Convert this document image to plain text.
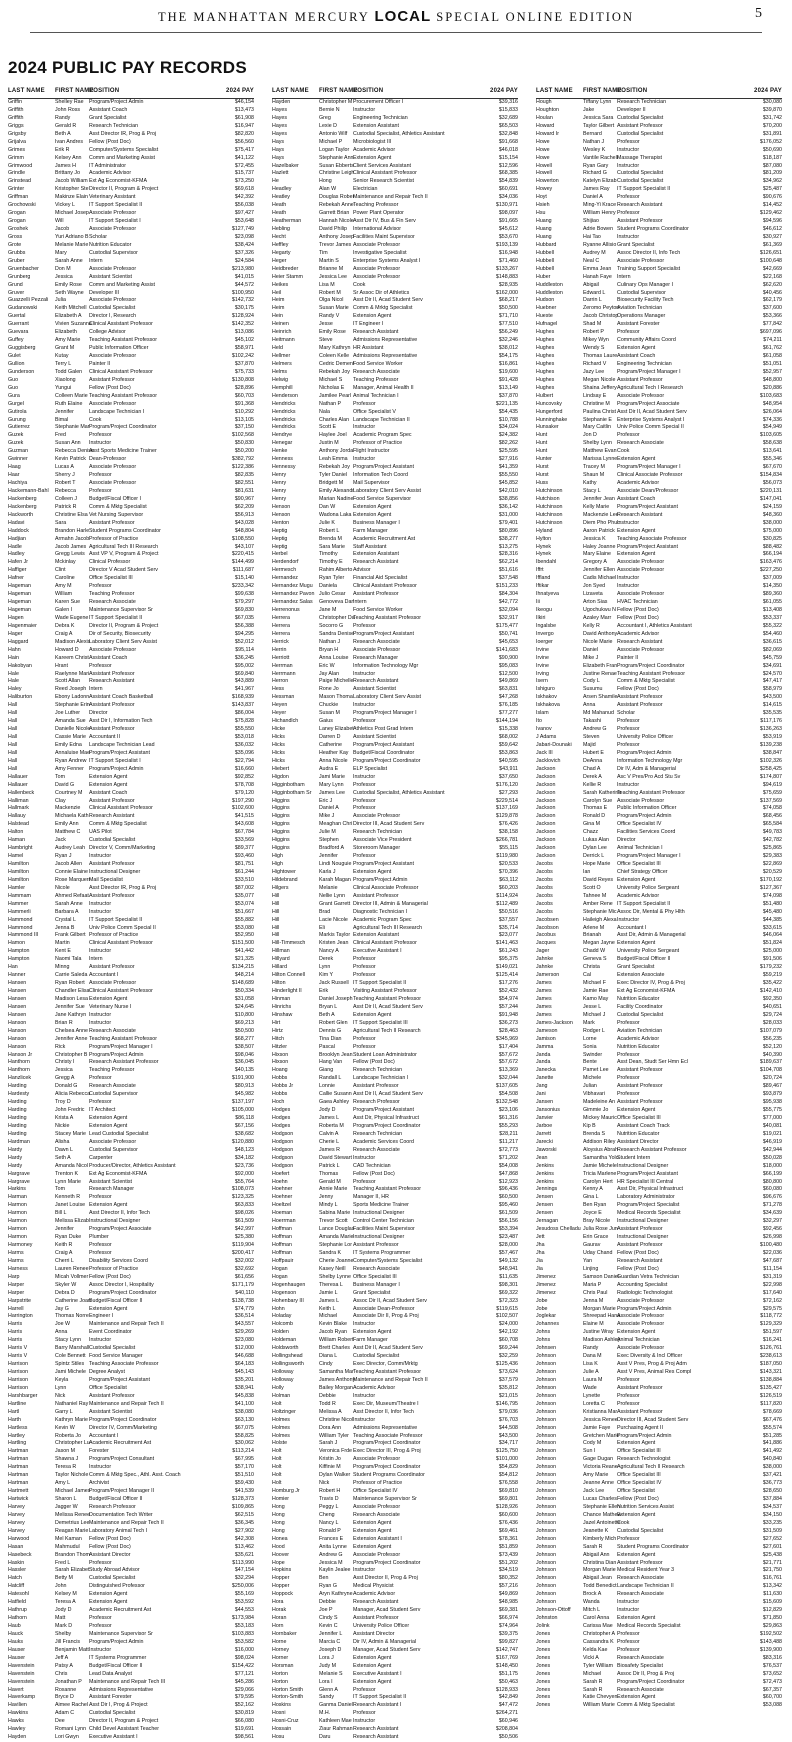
THE MANHATTAN MERCURY LOCAL SPECIAL ONLINE EDITION	5
2024 PUBLIC PAY RECORDS
LAST NAME	FIRST NAME
POSITION	2024 PAY
Griffin	Shelley Rae	Program/Project Admin	$46,154
Griffith	John Ross	Assistant Coach	$13,473
Griffith	Randy	Grant Specialist	$61,908
Griggs	Gerald R	Research Technician	$16,947
Grigsby	Beth A	Asst Director IR, Prog & Proj	$82,820
Grijalva	Ivan Andres	Fellow (Post Doc)	$56,560
Grimes	Erik R	Computer/Systems Specialist	$75,417
Grimm	Kelsey Ann	Comm and Marketing Assist	$41,122
Grimwood	James H	IT Administrator	$72,455
Grindle	Brittany Jo	Academic Advisor	$15,737
Grinstead	Jacob William Ext Ag Economist-KFMA	$73,250
Grinter	Kristopher Ste Director II, Program & Project	$69,618
Griffman	Makinze Elain Veterinary Assistant	$42,392
Grochowski	Vickey L	IT Support Specialist II	$56,038
Grogan	Michael Josep Associate Professor	$97,427
Grogan	Will	IT Support Specialist I	$53,648
Groshek	Jacob	Associate Professor	$127,749
Gross	Yuri Adriano B Scholar	$23,098
Grote	Melanie Marie Nutrition Educator	$38,424
Grubbs	Mary	Custodial Supervisor	$37,326
Gruber	Sarah Anne	Intern	$24,584
Gruenbacher	Don M	Associate Professor	$213,980
Grunberg	Jessica	Assistant Scientist	$41,015
Grund	Emily Rose	Comm and Marketing Assist	$44,572
Gruver	Seth Wayne	Developer III	$100,950
Guazzelli Pezzali	Julia	Associate Professor	$142,732
Gudanowski	Keith Mitchell Custodial Specialist	$30,175
Guertal	Elizabeth A	Director I, Research	$128,924
Guerrant	Vivien Suzanna
Clinical Assistant Professor	$142,352
Guevara	Elizabeth	College Advisor	$13,086
Guffey	Amy Marie	Teaching Assistant Professor	$45,102
Guggisberg	Grant M	Public Information Officer	$58,971
Gulet	Kutay	Associate Professor	$102,242
Gullion	Terry L	Painter II	$37,870
Gunderson	Todd Galen	Clinical Assistant Professor	$75,733
Guo	Xiaolong	Assistant Professor	$130,808
Guo	Yungui	Fellow (Post Doc)	$28,896
Gura	Colleen Marie Teaching Assistant Professor	$60,703
Gurgel	Ruth Elaine	Associate Professor	$91,368
Gutirola	Jennifer	Landscape Technician I	$10,292
Gurung	Bimal	Cook	$13,105
Gutierrez	Stephanie Mar Program/Project Coordinator	$37,150
Guzek	Fred	Professor	$102,568
Guzek	Susan Ann	Instructor	$50,830
Guzman	Rebecca Denise
Asst Sports Medicine Trainer	$50,200
Gwinner	Kevin Patrick Dean-Professor	$382,792
Haag	Lucas A	Associate Professor	$122,386
Haar	Sherry J	Professor	$82,835
Hachiya	Robert T	Associate Professor	$82,551
Hackemann-Bahl	Rebecca	Professor	$81,631
Hackenberg	Colleen J	Budget/Fiscal Officer I	$90,967
Hackenberg	Patrick R	Comm & Mktg Specialist	$62,209
Hackworth	Christine Elsa Vet Nursing Supervisor	$56,913
Hadavi	Sara	Assistant Professor	$43,028
Haddock	Brandon Harle Student Programs Coordinator	$48,804
Hadjian	Armahn Jacob Professor of Practice	$108,550
Hadle	Jacob James Agricultural Tech III Research	$43,107
Hadley	Gregg Lewis Asst VP V, Program & Project	$220,415
Hafen Jr	Mckinlay	Clinical Professor	$144,499
Haffiger	Clint	Director V Acad Student Serv	$111,687
Hafner	Caroline	Office Specialist III	$15,140
Hageman	Amy M	Professor	$233,342
Hageman	William	Teaching Professor	$99,638
Hageman	Karen Sue	Research Associate	$79,297
Hageman	Galen I	Maintenance Supervisor Sr	$69,830
Hagen	Wade Eugene IT Support Specialist II	$67,035
Hagenmaier	Debra K	Director II, Program & Project	$56,388
Hager	Craig A	Dir of Security, Biosecurity	$94,295
Haggard	Madison Alexis
Laboratory Client Serv Assist	$52,012
Hahn	Howard D	Associate Professor	$95,114
Hain	Kareem Christ Assistant Coach	$36,245
Hakobyan	Hrant	Professor	$95,002
Hale	Raelynne Mari Assistant Professor	$69,840
Hale	Scott Allan	Research Assistant	$43,889
Haley	Reed Joseph Intern	$41,967
Haliburton	Ebony Ladonn Assistant Coach Basketball	$168,939
Hall	Stephanie Erin Assistant Professor	$143,837
Hall	Joe Luther	Director	$86,004
Hall	Amanda Sue Asst Dir I, Information Tech	$75,828
Hall	Danielle Nicole
Assistant Professor	$55,550
Hall	Cassie Marie Accountant II	$53,018
Hall	Emily Edna	Landscape Technician Lead	$36,032
Hall	Annaluise Mae
Program/Project Assistant	$35,096
Hall	Ryan Andrew IT Support Specialist I	$22,794
Hall	Amy Fenner Program/Project Admin	$16,660
Hallauer	Tom	Extension Agent	$92,852
Hallauer	David G	Extension Agent	$78,708
Hallenbeck	Courtney M	Assistant Coach	$79,120
Halliman	Clay	Assistant Professor	$197,290
Hallmark	Mackenzie	Clinical Assistant Professor	$102,600
Hallauy	Michaela Kath Research Assistant	$41,515
Halstead	Emily Ann	Comm & Mktg Specialist	$43,608
Halton	Matthew C	UAS Pilot	$67,784
Haman	Jack	Custodial Specialist	$33,569
Hambright	Audrey Leah Director V, Comm/Marketing	$89,377
Hamel	Ryan J	Instructor	$93,460
Hamilton	Jacob Allen	Assistant Professor	$81,751
Hamilton	Connie Elaine Instructional Designer	$61,244
Hamilton	Rose Marquerr
Mail Specialist	$33,510
Hamler	Nicole	Asst Director IR, Prog & Proj	$87,002
Hammam	Ahmed Refaat Assistant Professor	$35,077
Hammer	Sarah Anne	Instructor	$53,074
Hammerli	Barbara A	Instructor	$51,667
Hammond	Crystal L	IT Support Specialist II	$55,882
Hammond	Jenna B	Univ Police Comm Special II	$53,080
Hammond III	Frank Gilbert Professor of Practice	$52,950
Hamon	Martin	Clinical Assistant Professor	$151,500
Hampton	Kent E	Instructor	$41,442
Hampton	Naomi Tala	Intern	$21,325
Han	Minng	Assistant Professor	$134,215
Hanner	Carrie Saleda Accountant I	$48,214
Hansen	Ryan Robert Associate Professor	$148,689
Hansen	Chandler Elisa Clinical Assistant Professor	$50,334
Hansen	Madison Lesa Extension Agent	$31,058
Hansen	Jennifer Sue Veterinary Nurse I	$24,645
Hansen	Jane Kathryn Instructor	$10,800
Hanson	Brian R	Instructor	$69,213
Hanson	Chelsea Anne Research Associate	$50,500
Hanson	Jennifer Anne Teaching Assistant Professor	$68,277
Hanson	Rick	Program/Project Manager I	$38,507
Hanson Jr	Christopher B Program/Project Admin	$98,046
Hanthorn	Christy I	Research Assistant Professor	$36,045
Hanthorn	Jessica	Teaching Professor	$40,135
Hanzlicek	Gregg A	Professor	$191,900
Harding	Donald G	Research Associate	$80,913
Hardesty	Alicia Rebecca
Custodial Supervisor	$45,982
Harding	Troy D	Professor	$137,197
Harding	John Fredric IT Architect	$105,000
Harding	Krista A	Extension Agent	$86,118
Harding	Nickie	Extension Agent	$67,156
Harding	Stacey Marie Lead Custodial Specialist	$38,682
Hardman	Alisha	Associate Professor	$120,880
Hardy	Dawn L	Custodial Supervisor	$48,123
Hardy	Seth A	Carpenter	$34,182
Hardy	Amanda Nicol Producer/Director, Athletics Assistant	$23,736
Hargrave	Trenton K	Ext Ag Economist-KFMA	$92,000
Hargrave	Lynn Marie	Assistant Scientist	$55,764
Harkins	Tom	Research Manager	$108,073
Harman	Kenneth R	Professor	$123,325
Harmon	Janet Louise Extension Agent	$63,833
Harmon	Bill L	Asst Director II, Infor Tech	$98,026
Harmon	Melissa Elizab Instructional Designer	$61,509
Harmon	Jennifer	Program/Project Associate	$42,997
Harmon	Ryan Duke	Plumber	$25,380
Harmoney	Keith R	Professor	$119,904
Harms	Craig A	Professor	$200,417
Harms	Cherri L	Disability Services Coord	$32,002
Harness	Lauren Renee Professor of Practice	$32,692
Harp	Micah Vollmer Fellow (Post Doc)	$61,656
Harper	Skyler W	Assoc Director I, Hospitality	$171,179
Harper	Debra D	Program/Project Coordinator	$40,110
Harpstrite	Catherine Joan
Budget/Fiscal Officer II	$138,738
Harrell	Jay G	Extension Agent	$74,779
Harrington	Thomas Norre Engineer I	$36,514
Harris	Joe W	Maintenance and Repair Tech II	$43,557
Harris	Anna	Event Coordinator	$29,269
Harris	Stacy Lynn	Instructor	$23,080
Harris V	Barry Marshall Custodial Specialist	$12,000
Harris V	Cole Bennett Food Service Manager	$46,688
Harrison	Spintz Stiles Teaching Associate Professor	$64,183
Harrison	Jami Michele Degree Analyst	$45,143
Harrison	Keyla	Program/Project Assistant	$35,201
Harrison	Lynn	Office Specialist	$38,941
Harshbarger	Nick	Assistant Professor	$45,838
Hartline	Nathaniel Ray Maintenance and Repair Tech II	$41,100
Hartl	Garry L	Assistant Scientist	$38,080
Harth	Kathryn Marie Program/Project Coordinator	$63,130
Hartless	Kevin W	Director IV, Comm/Marketing	$67,075
Hartley	Roberta Jo	Accountant I	$58,825
Hartling	Christopher Lu Academic Recruitment Ast	$30,062
Hartman	Jason M	Forester	$113,214
Hartman	Shawna J	Program/Project Consultant	$67,995
Hartman	Teresa R	Instructor	$57,170
Hartman	Taylor Nichole Comm & Mktg Spec., Athl. Asst. Coach	$51,510
Hartman	Amy L	Archivist	$59,430
Hartmett	Michael James
Program/Project Manager II	$41,539
Hartwick	Sharon L	Budget/Fiscal Officer II	$128,373
Harvey	Jagger W	Research Professor	$109,865
Harvey	Melissa Renee
Documentation Tech Writer	$62,515
Harvey	Demetrius Lee Maintenance and Repair Tech II	$36,345
Harvey	Reagan Marie Laboratory Animal Tech I	$27,902
Harwood	Mel Kaman	Fellow (Post Doc)	$42,308
Hasan	Mahmudul	Fellow (Post Doc)	$13,462
Hasebeck	Brandon Thom Assistant Director	$35,621
Haskin	Fred L	Professor	$113,990
Hassler	Sarah Elizabet Study Abroad Advisor	$47,154
Hatch	Betty M	Custodial Specialist	$32,294
Hatcliff	John	Distinguished Professor	$250,006
Hatesohl	Kelsey M	Extension Agent	$55,169
Hatfield	Teresa A	Extension Agent	$53,592
Hathrup	Jody D	Academic Recruitment Ast	$44,553
Hathorn	Matt	Professor	$173,984
Haub	Mark D	Professor	$53,183
Hauck	Shelby	Maintenance Supervisor Sr	$103,883
Hauks	Jill Francis	Program/Project Admin	$53,582
Hauser	Benjamin Matt Instructor	$16,000
Hauser	Jeff A	IT Systems Programmer	$98,024
Havenstein	Patsy A	Budget/Fiscal Officer II	$154,422
Havenstein	Chris	Lead Data Analyst	$77,121
Havenstein	Jonathan P	Maintenance and Repair Tech III	$45,286
Havert	Roxanne	Admissions Representative	$29,066
Haverkamp	Bryce D	Assistant Forester	$79,595
Havilien	Aimee Rachel Asst Dir I, Prog & Project	$52,162
Hawkins	Adam C	Custodial Specialist	$30,819
Hawks	Dee	Director II, Program & Project	$66,080
Hawley	Romani Lynn Child Devel Assistant Teacher	$19,691
Hayden	Lori Gwyn	Executive Assistant I	$98,561
LAST NAME	FIRST NAME
POSITION	2024 PAY
Hayden	Christopher M Procurement Officer I	$39,316
Hayes	Bernie N	Instructor	$15,833
Hayes	Greg	Engineering Technician	$32,689
Hayes	Lexie D	Extension Assistant	$65,503
Hayes	Antonio Wilf	Custodial Specialist, Athletics Assistant	$32,848
Hays	Michael P	Microbiologist III	$91,668
Hays	Logan Taylor Academic Advisor	$46,018
Hays	Stephanie Ann Extension Agent	$15,154
Hazelbaker	Susan Ebberts Client Services Assistant	$12,596
Hazlett	Christine Leigh
Clinical Assistant Professor	$68,385
He	Hong	Senior Research Scientist	$54,839
Headley	Alan W	Electrician	$60,691
Heatley	Douglas Rober
Maintenance and Repair Tech II	$34,036
Heath	Rebekah Anne Teaching Professor	$130,971
Heath	Garrett Brian Power Plant Operator	$98,097
Heatherman	Hannah Nicole Asst Dir IV, Bus & Fin Serv	$91,665
Hebling	David Philip	International Advisor	$45,612
Hecht	Anthony Josep
Facilities Maint Supervisor	$53,670
Heffley	Trevor James Associate Professor	$193,139
Hegarty	Tim	Investigative Specialist	$16,948
Heger	Martin S	Enterprise Systems Analyst I	$71,460
Heidbreder	Brianne M	Associate Professor	$133,267
Heier Stamm	Jessica Lee	Associate Professor	$148,883
Heikes	Lisa M	Cook	$28,935
Heil	Robert M	Sr Assoc Dir of Athletics	$162,000
Heim	Olga Nicol	Asst Dir II, Acad Student Serv	$68,217
Heim	Susan Marie Comm & Mrktg Specialist	$50,500
Hein	Randy V	Extension Agent	$71,710
Heinen	Jesse	IT Engineer I	$77,510
Heinrich	Emily Rose	Research Assistant	$56,249
Heitmann	Steve	Admissions Representative	$32,246
Held	Mary Kathryn HR Assistant	$38,012
Hellmer	Coleen Kelle Admissions Representative	$54,175
Helmers	Cedric Dement
Food Service Worker	$16,861
Helms	Rebekah Joy Research Associate	$19,600
Helwig	Michael S	Teaching Professor	$91,428
Hemphill	Nicholas E	Manager, Animal Health II	$13,149
Henderson	Jamilee Pearl Animal Technician I	$37,870
Hendricks	Nathan P	Professor	$221,135
Hendricks	Nala	Office Specialist V	$54,435
Hendricks	Charles Alan Landscape Technician II	$10,788
Hendricks	Scott E	Instructor	$34,024
Hendrye	Haylee Joel	Academic Program Spec	$24,382
Henegar	Justin M	Professor of Practice	$82,262
Henke	Anthony Jorda Flight Instructor	$25,595
Henness	Leah Emma	Instructor	$27,916
Hennessy	Rebekah Joy Program/Project Assistant	$41,359
Henry	Tyler Daniel	Information Tech Coord	$55,550
Henry	Bridgett M	Mail Supervisor	$45,852
Henry	Emily Alexandr
Laboratory Client Serv Assist	$42,010
Henry	Marian Nadine Food Service Supervisor	$38,856
Henson	Dan W	Extension Agent	$36,142
Henson	Wadona Laka Extension Agent	$31,000
Henton	Julie K	Business Manager I	$79,401
Heptig	Robert L	Farm Manager	$80,896
Heptig	Brenda M	Academic Recruitment Ast	$38,277
Heptig	Sara Marie	Staff Assistant	$13,275
Herbel	Timothy	Extension Assistant	$28,316
Herdendorf	Timothy E	Research Assistant	$62,214
Hermesch	Rahim Alberto Advisor	$51,616
Hernandez	Ryan Tyler	Financial Aid Specialist	$37,548
Hernandez Mugu	Daniela	Clinical Assistant Professor	$151,233
Hernandez Pavon Julio Cesar	Assistant Professor	$84,304
Hernandez Salas	Genoveva Dan
Intern	$42,772
Herrenonus	Jane M	Food Service Worker	$32,094
Herrera	Christopher Da
Teaching Assistant Professor	$32,917
Herrera	Socorro G	Professor	$175,477
Herrera	Sandra Denise
Program/Project Assistant	$50,741
Herrick	Nathan J	Research Associate	$45,653
Herrin	Bryan H	Associate Professor	$141,683
Herriott	Anna Louise Research Manager	$90,900
Herrman	Eric W	Information Technology Mgr	$95,083
Herrmann	Jay Alan	Instructor	$12,500
Herron	Paige Michelle Research Assistant	$49,869
Hess	Rone Jo	Assistant Scientist	$63,831
Hessman	Mason Thoma Laboratory Client Serv Assist	$47,268
Heyen	Chuckie	Instructor	$76,185
Heyer	Susan M	Program/Project Manager I	$77,277
Hichandlch	Gaius	Professor	$144,194
Hicke	Laney Elizabet Athletics Post Grad Intern	$15,338
Hicks	Darren D	Assistant Scientist	$68,002
Hicks	Catherine	Program/Project Assistant	$59,642
Hicks	Heather Kay Budget/Fiscal Coordinator	$53,863
Hicks	Anna Nicole	Program/Project Coordinator	$40,595
Hiebert	Audra E	ELP Specialist	$43,911
Higdon	Jami Marie	Instructor	$37,650
Higginbotham	Mary Lynn	Professor	$176,120
Higginbotham Sr	James Lee	Custodial Specialist, Athletics Assistant	$27,293
Higgins	Eric J	Professor	$229,514
Higgins	Daniel A	Professor	$137,169
Higgins	Mike J	Associate Professor	$129,878
Higgins	Meaghan Chri Director III, Acad Student Serv	$76,426
Higgins	Julie M	Research Technician	$38,158
Higgins	Stephen	Associate Vice President	$266,781
Higgins	Bradford A	Storeroom Manager	$55,115
High	Jennifer	Professor	$119,980
High	Lindi Nouguie Program/Project Assistant	$20,533
Hightower	Karla J	Extension Agent	$70,396
Hildebrand	Karah Magan Program/Project Admin	$63,112
Hilgers	Melanie	Clinical Associate Professor	$60,203
Hill	Nellie Lynn	Assistant Professor	$114,924
Hill	Grant Garrett Director III, Admin & Managerial	$112,489
Hill	Brad	Diagnostic Technician I	$50,516
Hill	Lacie Nicole Academic Program Spec	$37,557
Hill	Eli	Agricultural Tech III Research	$35,714
Hill	Markis Taylor Extension Assistant	$23,077
Hill-Timmesch	Kristen Jean Clinical Assistant Professor	$141,463
Hillman	Nancy A	Executive Assistant I	$61,243
Hillyard	Derek	Professor	$95,375
Hillard	Lynn	Professor	$149,021
Hilton Connell	Kim Y	Professor	$125,414
Hilton	Jack Russell IT Support Specialist II	$17,276
Hinderlight II	Erik	Visiting Assistant Professor	$52,432
Hinman	Daniel Joseph Teaching Assistant Professor	$54,974
Hinrichs	Bryan L	Asst Dir II, Acad Student Serv	$57,244
Hinshaw	Beth A	Extension Agent	$91,948
Hirt	Robert Glen	IT Support Specialist III	$36,273
Hirtz	Dennis G	Agricultural Tech II Research	$28,463
Hitch	Tina Dian	Professor	$345,969
Hitzler	Pascal	Professor	$17,404
Hixson	Brooklyn Jean Student Loan Administrator	$57,672
Hixson	Hang Van	Fellow (Post Doc)	$57,672
Hoang	Giang	Research Technician	$13,369
Hobbs	Randall L	Landscape Technician I	$32,044
Hobbs Jr	Lonnie	Assistant Professor	$137,605
Hobbs	Callie Susann Asst Dir II, Acad Student Serv	$54,508
Hoch	Gaea Ashley Research Professor	$132,548
Hodges	Jody D	Program/Project Assistant	$23,106
Hodges	James L	Asst Dir, Physical Infrastruct	$61,316
Hodges	Roberta M	Program/Project Coordinator	$55,293
Hodgson	Calvin A	Research Technician	$28,211
Hodgson	Cherie L	Academic Services Coord	$11,217
Hodgson	James R	Research Associate	$72,773
Hodgson	David Stewart Instructor	$71,202
Hodgson	Patrick L	CAD Technician	$54,008
Hoefert	Thomas	Fellow (Post Doc)	$47,868
Hoehn	Gerald M	Professor	$12,923
Hoehner	Annie Marie	Teaching Assistant Professor	$96,436
Hoehner	Jenny	Manager II, HR	$60,500
Hoeltzel	Mindy L	Sports Medicine Trainer	$95,460
Hoeman	Sabina Marie Instructional Designer	$61,509
Hoerrman	Trevor Scott	Control Center Technician	$56,156
Hoffman	Lance Douglas
Facilities Maint Supervisor	$53,394
Hoffman	Amanda Marie Instructional Designer	$23,487
Hoffman	Stephanie Lor Assistant Professor	$28,000
Hoffman	Sandra K	IT Systems Programmer	$57,467
Hoffpauir	Cherie Joanne Computer/Systems Specialist	$49,132
Hogan	Kasey Neill	Research Associate	$48,941
Hogan	Shelby Lynne Office Specialist III	$11,635
Hogenhaugen	Theresa L	Business Manager I	$98,301
Hogenson	Jamie L	Grant Specialist	$69,322
Hohenbary III	James L	Assoc Dir II, Acad Student Serv	$72,323
Hohn	Keith L	Associate Dean-Professor	$119,615
Holaday	Michael	Associate Dir II, Prog & Proj	$102,507
Holcomb	Kevin Blake	Instructor	$24,000
Holden	Jacob Ryan	Extension Agent	$42,192
Holdeman	William Robert Farm Manager	$60,708
Holdsworth	Brett Charles Asst Dir II, Acad Student Serv	$69,244
Hollingshead	Diana L	Custodial Specialist	$32,259
Hollingsworth	Cindy	Exec Director, Comm/Mrktg	$125,436
Holloway	Samantha Mar Teaching Assistant Professor	$73,624
Holloway	James Anthony
Maintenance and Repair Tech II	$37,579
Holly	Bailey Morgan Academic Advisor	$35,812
Holman	Debbie	Instructor	$21,015
Holt	Todd R	Exec Dir, Museum/Theatre I	$146,795
Holtzinger	Melissa A	Asst Director II, Infor Tech	$79,036
Holmes	Christine Nicol Instructor	$76,703
Holmes	Dora Ann	Admissions Representative	$44,508
Holmes	William Tyler Teaching Associate Professor	$43,500
Holste	Sarah J	Program/Project Coordinator	$34,717
Holt	Veronica Frde Exec Director III, Prog & Proj	$125,750
Holt	Kristin Jo	Associate Professor	$101,000
Holt	Kiffinie M	Program/Project Coordinator	$54,829
Holt	Dylan Walker Student Programs Coordinator	$54,812
Holt	Nick	Professor of Practice	$76,558
Homburg Jr	Robert H	Office Specialist IV	$69,810
Homier	Travis D	Maintenance Supervisor Sr	$69,801
Hong	Peggy L	Associate Professor	$128,926
Hong	Cheng	Research Associate	$60,600
Hong	Nancy L	Extension Agent	$76,436
Hong	Ronald P	Extension Agent	$69,461
Honea	Frances E	Extension Assistant I	$78,361
Hood	Anita Lynne	Extension Agent	$51,859
Hoover	Andrew G	Associate Professor	$73,439
Hope	Jessica M	Program/Project Coordinator	$51,202
Hopkins	Kaylin Jealee Instructor	$34,519
Hopper	Ben	Asst Director II, Prog & Proj	$80,352
Hopper	Ryan G	Medical Physicist	$57,216
Hoppock	Aryn Kathryne Academic Advisor	$49,869
Hora	Debbie	Research Assistant	$48,985
Horak	Joe P	Manager, Acad Student Serv	$69,381
Horan	Cindy S	Assistant Professor	$66,974
Horn	Kevin C	University Police Officer	$74,964
Hornbaker	Jennifer L	Assistant Director	$39,375
Horne	Marcia C	Dir IV, Admin & Managerial	$99,827
Horney	Joseph D	Manager, Acad Student Serv	$142,747
Horner	Lora J	Extension Agent	$167,769
Horsman	Judy M	Extension Agent	$148,450
Horton	Melanie S	Executive Assistant I	$51,175
Horton	Lora I	Extension Agent	$50,463
Horton Smith	Glenn A	Professor	$128,933
Horton-Smith	Sandy	IT Support Specialist II	$42,849
Hoskins	Ganma Daniel Research Assistant I	$47,472
Hosni	M.H.	Professor	$264,271
Hosni-Cruz	Kathleen Mae Instructor	$60,946
Hossain	Ziaur Rahman Research Assistant	$208,804
Hosu	Daru	Research Assistant	$50,506
LAST NAME	FIRST NAME
POSITION	2024 PAY
Hough	Tiffany Lynn	Research Technician	$30,080
Houghton	Jake	Developer II	$39,870
Houlan	Jessica Sara Custodial Specialist	$31,742
Howard	Taylor Gilbert Assistant Professor	$70,200
Howard Ir	Bernard	Custodial Specialist	$31,891
Howe	Nathan J	Professor	$176,052
Howe	Wesley K	Instructor	$50,690
Howe	Vantile Racheli Massage Therapist	$18,187
Howell	Ryan Gary	Instructor	$87,080
Howell	Richard G	Custodial Specialist	$81,209
Howerton	Katelyn Elizab Custodial Specialist	$34,962
Howey	James Ray	IT Support Specialist II	$25,487
Hoyt	Daniel A	Professor	$90,676
Hsieh	Ming-Yi Krace Research Assistant	$14,452
Hsu	William Henry Professor	$129,462
Huang	Shijiao	Assistant Professor	$94,596
Huang	Adrie Bowen Student Programs Coordinator	$46,612
Huang	Hai Tao	Instructor	$30,927
Hubbard	Ryanne Allisio Grant Specialist	$61,369
Hubbell	Audrey M	Assoc Director II, Info Tech	$126,651
Hubbell	Neal C	Associate Professor	$100,648
Hubbell	Emma Jean	Training Support Specialist	$42,669
Huber	Hanah Faye Intern	$22,168
Huddleston	Abigail	Culinary Ops Manager I	$62,620
Huddleston	Edward L	Custodial Supervisor	$40,456
Hudson	Darrin L	Biosecurity Facility Tech	$62,179
Huebner	Zeromo Peyton
Aviation Technician	$37,600
Hueste	Jacob Christop
Operations Manager	$53,366
Hufnagel	Shad M	Assistant Forester	$77,842
Hughes	Robert P	Professor	$697,096
Hughes	Mikey Wyn	Community Affairs Coord	$74,211
Hughes	Wendy S	Extension Agent	$61,762
Hughes	Thomas Laure Assistant Coach	$61,058
Hughes	Richard V	Engineering Technician	$51,051
Hughes	Jazy Lee	Program/Project Manager I	$52,957
Hughes	Megan Nicole Assistant Professor	$48,800
Hughes	Shaina Jeffery Agricultural Tech I Research	$20,886
Hulbert	Lindsay E	Associate Professor	$103,683
Huncovsky	Christine M	Program/Project Associate	$48,954
Hungerford	Paulina Christ Asst Dir II, Acad Student Serv	$26,064
Hunninghake	Stephanie E Enterprise Systems Analyst I	$74,336
Hunsaker	Mary Caitlin	Univ Police Comm Special II	$54,949
Hunt	Jon D	Professor	$103,605
Hunt	Shelby Lynn Research Associate	$58,638
Hunt	Matthew Evan Cook	$13,641
Hunter	Marissa Lynne Extension Agent	$55,346
Hurst	Tracey M	Program/Project Manager I	$67,670
Hurst	Shaun M	Clinical Associate Professor	$154,834
Huss	Kathy	Academic Advisor	$56,073
Hutchinson	Stacy L	Associate Dean/Professor	$220,131
Hutchison	Jennifer Jean Assistant Coach	$147,041
Hutchinson	Kelly Marie	Program/Project Assistant	$24,159
Hutchinson	Mackenzie Lee
Research Assistant	$48,360
Hutchinson	Diem Pho Phuc
Instructor	$38,000
Hyland	Aaron Patrick Extension Agent	$75,000
Hylton	Jessica K	Teaching Associate Professor	$30,825
Hynek	Haley Joanne Program/Project Assistant	$88,482
Hynek	Mary Elaine	Extension Agent	$66,194
Ibendahl	Gregory A	Associate Professor	$163,476
Iffrt	Jennifer Ellen Associate Professor	$227,250
Iffland	Cadis Michael Instructor	$37,009
Iftikar	Jon Syed	Instructor	$14,350
Ihnatyeva	Lizaveta	Associate Professor	$89,360
Iii	Arton Sias	HVAC Technician	$61,055
Ikeogu	Ugochukwu N Fellow (Post Doc)	$13,408
Ilkiri	Azaley Marr	Fellow (Post Doc)	$53,337
Ingalsbe	Kelly R	Accountant I, Athletics Assistant	$55,322
Invergo	David Anthony Academic Advisor	$54,460
Ioerger	Nicole Marie Research Assistant	$36,615
Irvine	Daniel	Associate Professor	$82,069
Irvine	Mike J	Painter II	$45,759
Irvine	Elizabeth Fran Program/Project Coordinator	$34,691
Irving	Justine Renae Teaching Assistant Professor	$24,570
Isern	Cody L	Comm & Mktg Specialist	$47,417
Ishiguro	Susumu	Fellow (Post Doc)	$58,979
Iskhakov	Arsen Shamile Assistant Professor	$43,500
Iskhakova	Anna	Assistant Professor	$14,615
Islam	Md Mahanud Scholar	$35,535
Ito	Takashi	Professor	$117,176
Ivanov	Andrew G	Professor	$136,263
J Adams	Steven	University Police Officer	$53,919
Jabari-Dounaki	Majid	Professor	$139,238
Jack III	Hubert E	Program/Project Admin	$38,847
Jacklovich	DeAnna	Information Technology Mgr	$102,326
Jackson	Chad A	Dir IV, Adm & Managerial	$258,425
Jackson	Derek A	Asc V Pres/Pro Acd Stu Sv	$174,807
Jackson	Kellie R	Instructor	$94,619
Jackson	Sarah Katherine
Teaching Assistant Professor	$75,659
Jackson	Carolyn Sue Associate Professor	$137,569
Jackson	Thomas E	Public Information Officer	$74,058
Jackson	Ronald D	Program/Project Admin	$68,456
Jackson	Gina M	Office Specialist IV	$65,584
Jackson	Chazz	Facilities Services Coord	$49,783
Jackson	Lukas Alan	Director	$42,782
Jackson	Dylan Lee	Animal Technician I	$25,865
Jackson	Derrick L	Program/Project Manager I	$29,383
Jacobs	Hope Marie	Office Specialist III	$22,869
Jacobs	Ian	Chief Strategy Officer	$20,529
Jacobs	David Reyes Extension Agent	$170,192
Jacobs	Scott O	University Police Sergeant	$127,367
Jacobs	Tahnee M	Academic Advisor	$74,098
Jacobs	Amber Rene IT Support Specialist II	$51,480
Jacobs	Stephanie Mic Assoc Dir, Mental & Phy Hlth	$45,480
Jacobsen	Haileigh Alexa Instructor	$44,385
Jacobson	Arlene M	Accountant I	$33,615
Jacobus	Brianah	Asst Dir, Admin & Managerial	$46,064
Jacques	Megan Jayne Extension Agent	$51,824
Jager	Chadd W	University Police Sergeant	$25,000
Jahnke	Geneva S	Budget/Fiscal Officer II	$91,506
Jahnke	Christa	Grant Specialist	$179,232
Jamerson	Cal	Extension Associate	$59,219
James	Michael F	Exec Director IV, Prog & Proj	$35,422
James	Jamie Rae	Ext Ag Economist-KFMA	$142,410
James	Kamo May	Nutrition Educator	$92,350
James	Jesse L	Facility Coordinator	$40,651
James	Michael J	Custodial Specialist	$29,724
James-Jackson	Mark	Professor	$28,033
Jameson	Rodger L	Aviation Technician	$107,079
Jamison	Lorne	Academic Advisor	$56,235
Jamma	Sonia	Nutrition Educator	$52,120
Janda	Swinder	Professor	$40,390
Janda	Bente	Asst Dean, Studt Ser Hmn Ecl	$189,637
Janecka	Pamet Lee	Assistant Professor	$104,708
Janette	Michele	Professor	$20,724
Jang	Julian	Assistant Professor	$89,467
Jani	Vibhavari	Professor	$93,879
Jansen	Madeleine An Assistant Professor	$95,938
Jansonius	Gimmie Jo	Extension Agent	$55,775
Janvier	Mickey Mauric Office Specialist III	$77,000
Jarboe	Kip B	Assistant Coach Track	$40,081
Jarrett	Brenda S	Nutrition Educator	$19,021
Jarecki	Addison Riley Assistant Director	$46,919
Jaworski	Aloysius Abrah
Research Assistant Professor	$42,944
Jean	Samantha Yolo
Student Intern	$50,028
Jenkins	Jamie Michele Instructional Designer	$18,000
Jenkins	Tricia Marlene Program/Project Assistant	$66,199
Jenkins	Carolyn Hert HR Specialist III Central	$80,800
Jennings	Kenny A	Asst Dir, Physical Infrastruct	$60,080
Jensen	Gina L	Laboratory Administrator	$96,676
Jensen	Ben Ryan	Program/Project Specialist	$71,278
Jensen	Joyce E	Medical Records Specialist	$34,639
Jernagan	Bray Nicole	Instructional Designer	$32,297
Jesudoss Chelladu Julia Rose Jun Assistant Professor	$92,456
Jett	Erin Grace	Instructional Designer	$26,998
Jha	Gaurav	Assistant Professor	$100,480
Jha	Uday Chand Fellow (Post Doc)	$22,036
Jia	Yan	Research Assistant	$47,687
Jia	Linjing	Fellow (Post Doc)	$11,154
Jimenez	Samson Daniel
Guardian Vetra Technician	$31,319
Jimenez	Maria P	Accounting Specialist	$22,998
Jimenez	Chris Paul	Radiologic Technologist	$17,640
Jobe	Jenna M	Associate Professor	$72,162
Jobe	Morgan Marie Program/Project Admin	$29,575
Joglekar	Shreepad Hana
Associate Professor	$118,772
Johannes	Elaine M	Associate Professor	$129,329
Johns	Justine Wray Extension Agent	$51,597
Johns	Madison Ashley
Animal Technician	$16,241
Johnsen	Randy	Associate Professor	$126,761
Johnson	Dana M	Exec Diversity & Incl Officer	$238,613
Johnson	Lisa K	Asst V Pres, Prog & Proj Adm	$187,050
Johnson	Julie A	Asst V Pres, Animal Res Compl	$143,321
Johnson	Laura M	Professor	$138,884
Johnson	Wade	Assistant Professor	$135,427
Johnson	Lynette	Professor	$126,519
Johnson	Loretta C	Professor	$117,820
Johnson	Kristianna Mar Assistant Professor	$78,669
Johnson	Jessica Renee Director III, Acad Student Serv	$67,476
Johnson	Jamie Faye	Purchasing Agent II	$55,574
Johnson	Gretchen Marie
Program/Project Admin	$51,285
Johnson	Cody M	Extension Agent	$41,886
Johnson	Sun I	Office Specialist III	$41,492
Johnson	Gage Dugan Research Technologist	$40,840
Johnson	Victoria Reane Agricultural Tech II Research	$38,000
Johnson	Amy Marie	Office Specialist III	$37,421
Johnson	Jeanne Anne Office Specialist IV	$36,773
Johnson	Jack Lee	Office Specialist	$28,650
Johnson	Lucas Charles Fellow (Post Doc)	$37,884
Johnson	Stephanie Ellen
Nutrition Services Assist	$34,537
Johnson	Chance Mathew
Extension Agent	$34,150
Johnson	Jazel Antoinette
Cook	$33,235
Johnson	Jeanette K	Custodial Specialist	$31,509
Johnson	Kimberly Mich Professor	$27,652
Johnson	Sarah R	Student Programs Coordinator	$27,601
Johnson	Abigail Ann	Extension Agent	$25,438
Johnson	Christina Dian Assistant Professor	$21,771
Johnson	Morgan Marie Medical Resident Year 3	$21,750
Johnson	Abigail Jean Research Associate	$16,761
Johnson	Todd Benedict Landscape Technician II	$13,342
Johnson	Brock A	Research Associate	$11,630
Johnson	Wanda	Instructor	$15,609
Johnson-Ottoff	Mitch L	Instructor	$12,829
Johnston	Carol Anna	Extension Agent	$71,850
Jolink	Carissa Mae Medical Records Specialist	$29,863
Jones	Christopher A Professor	$192,502
Jones	Cassandra K Professor	$143,488
Jones	Kelda Kae	Professor	$139,900
Jones	Vicki A	Research Associate	$83,316
Jones	Tyler William Biosafety Specialist	$76,537
Jones	Michael	Assoc Dir II, Prog & Proj	$73,652
Jones	Sarah R	Program/Project Coordinator	$72,473
Jones	Sarah R	Research Associate	$67,357
Jones	Katie Chevyen Extension Agent	$60,700
Jones	William Marie Comm & Mktg Specialist	$53,088
